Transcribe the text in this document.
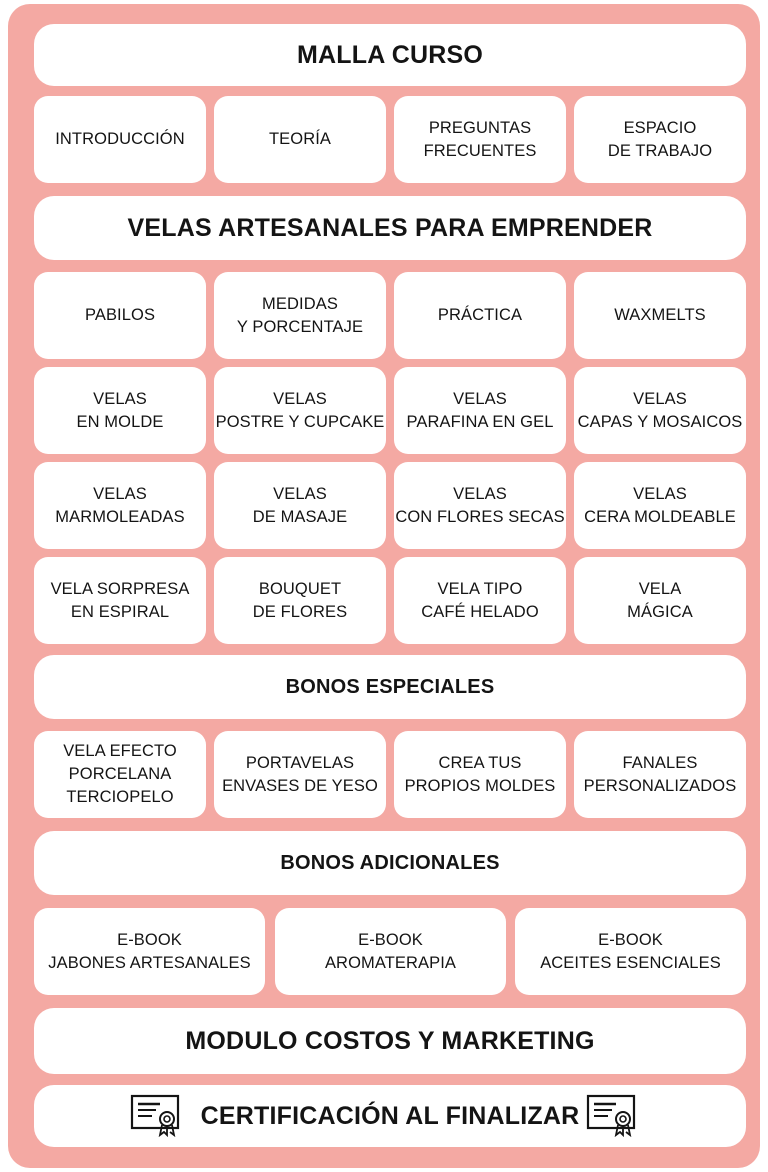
MALLA CURSO
INTRODUCCIÓN	TEORÍA
PREGUNTAS
FRECUENTES
ESPACIO
DE TRABAJO
VELAS ARTESANALES PARA EMPRENDER
PABILOS
MEDIDAS
Y PORCENTAJE
PRÁCTICA	WAXMELTS
VELAS
EN MOLDE
VELAS
POSTRE Y CUPCAKE
VELAS
PARAFINA EN GEL
VELAS
CAPAS Y MOSAICOS
VELAS
MARMOLEADAS
VELAS
DE MASAJE
VELAS
CON FLORES SECAS
VELAS
CERA MOLDEABLE
VELA SORPRESA
EN ESPIRAL
BOUQUET
DE FLORES
VELA TIPO
CAFÉ HELADO
VELA
MÁGICA
BONOS ESPECIALES
VELA EFECTO
PORCELANA
TERCIOPELO
PORTAVELAS
ENVASES DE YESO
CREA TUS
PROPIOS MOLDES
FANALES
PERSONALIZADOS
BONOS ADICIONALES
E-BOOK
JABONES ARTESANALES
E-BOOK
AROMATERAPIA
E-BOOK
ACEITES ESENCIALES
MODULO COSTOS Y MARKETING
CERTIFICACIÓN AL FINALIZAR
